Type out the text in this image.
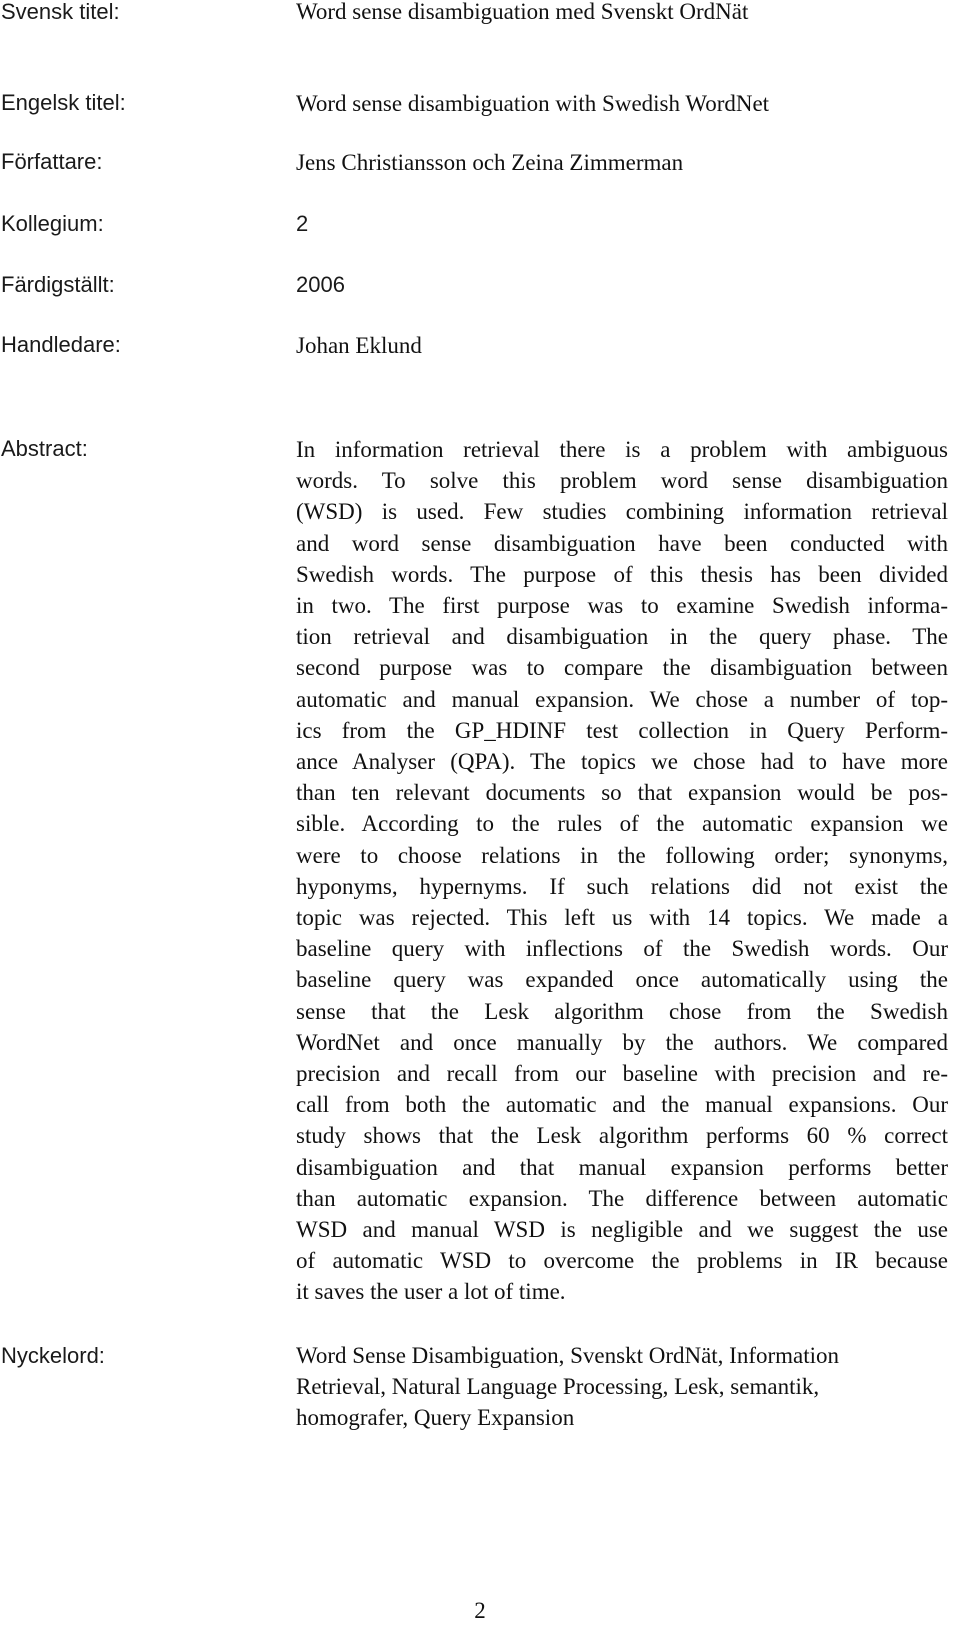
Svensk titel:	Word sense disambiguation med Svenskt OrdNät
Engelsk titel:	Word sense disambiguation with Swedish WordNet
Författare:	Jens Christiansson och Zeina Zimmerman
Kollegium:	2
Färdigställt:	2006
Handledare:	Johan Eklund
Abstract:	In information retrieval there is a problem with ambiguous
words. To solve this problem word sense disambiguation
(WSD) is used. Few studies combining information retrieval
and word sense disambiguation have been conducted with
Swedish words. The purpose of this thesis has been divided
in two. The first purpose was to examine Swedish informa-
tion retrieval and disambiguation in the query phase. The
second purpose was to compare the disambiguation between
automatic and manual expansion. We chose a number of top-
ics from the GP_HDINF test collection in Query Perform-
ance Analyser (QPA). The topics we chose had to have more
than ten relevant documents so that expansion would be pos-
sible. According to the rules of the automatic expansion we
were to choose relations in the following order; synonyms,
hyponyms, hypernyms. If such relations did not exist the
topic was rejected. This left us with 14 topics. We made a
baseline query with inflections of the Swedish words. Our
baseline query was expanded once automatically using the
sense that the Lesk algorithm chose from the Swedish
WordNet and once manually by the authors. We compared
precision and recall from our baseline with precision and re-
call from both the automatic and the manual expansions. Our
study shows that the Lesk algorithm performs 60 % correct
disambiguation and that manual expansion performs better
than automatic expansion. The difference between automatic
WSD and manual WSD is negligible and we suggest the use
of automatic WSD to overcome the problems in IR because
it saves the user a lot of time.
Nyckelord:	Word Sense Disambiguation, Svenskt OrdNät, Information
Retrieval, Natural Language Processing, Lesk, semantik,
homografer, Query Expansion
2
